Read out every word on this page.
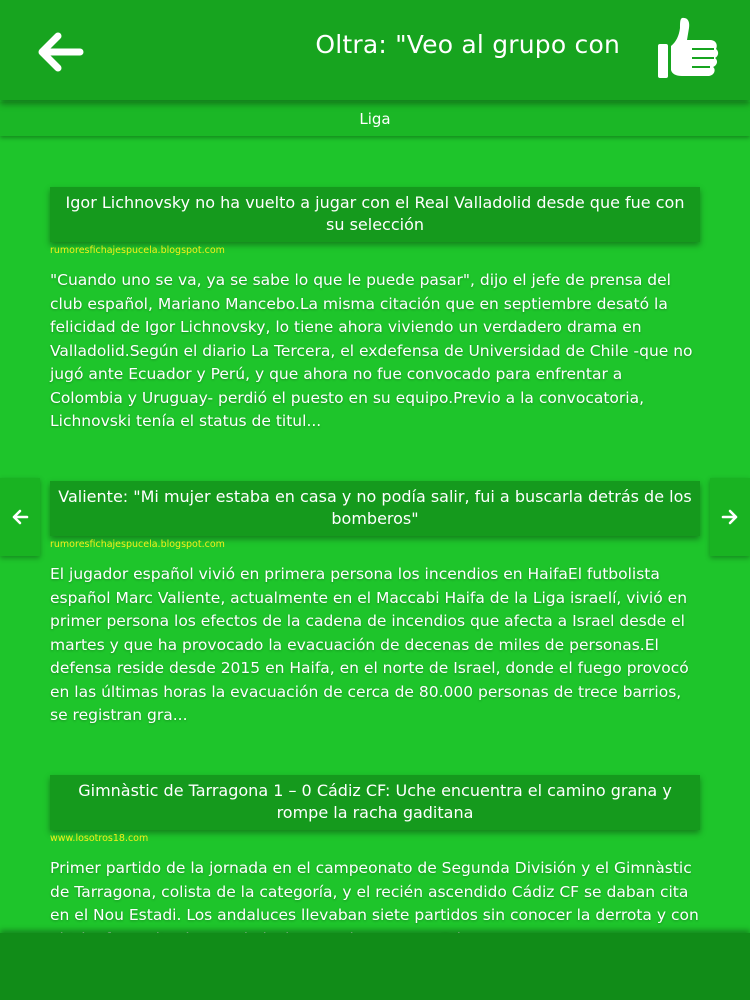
Oltra: "Veo al grupo con
Liga
Igor Lichnovsky no ha vuelto a jugar con el Real Valladolid desde que fue con su selección
rumoresfichajespucela.blogspot.com
"Cuando uno se va, ya se sabe lo que le puede pasar", dijo el jefe de prensa del club español, Mariano Mancebo.La misma citación que en septiembre desató la felicidad de Igor Lichnovsky, lo tiene ahora viviendo un verdadero drama en Valladolid.Según el diario La Tercera, el exdefensa de Universidad de Chile -que no jugó ante Ecuador y Perú, y que ahora no fue convocado para enfrentar a Colombia y Uruguay- perdió el puesto en su equipo.Previo a la convocatoria, Lichnovski tenía el status de titul...
Valiente: "Mi mujer estaba en casa y no podía salir, fui a buscarla detrás de los bomberos"
rumoresfichajespucela.blogspot.com
El jugador español vivió en primera persona los incendios en HaifaEl futbolista español Marc Valiente, actualmente en el Maccabi Haifa de la Liga israelí, vivió en primer persona los efectos de la cadena de incendios que afecta a Israel desde el martes y que ha provocado la evacuación de decenas de miles de personas.El defensa reside desde 2015 en Haifa, en el norte de Israel, donde el fuego provocó en las últimas horas la evacuación de cerca de 80.000 personas de trece barrios, se registran gra...
Gimnàstic de Tarragona 1 – 0 Cádiz CF: Uche encuentra el camino grana y rompe la racha gaditana
www.losotros18.com
Primer partido de la jornada en el campeonato de Segunda División y el Gimnàstic de Tarragona, colista de la categoría, y el recién ascendido Cádiz CF se daban cita en el Nou Estadi. Los andaluces llevaban siete partidos sin conocer la derrota y con
